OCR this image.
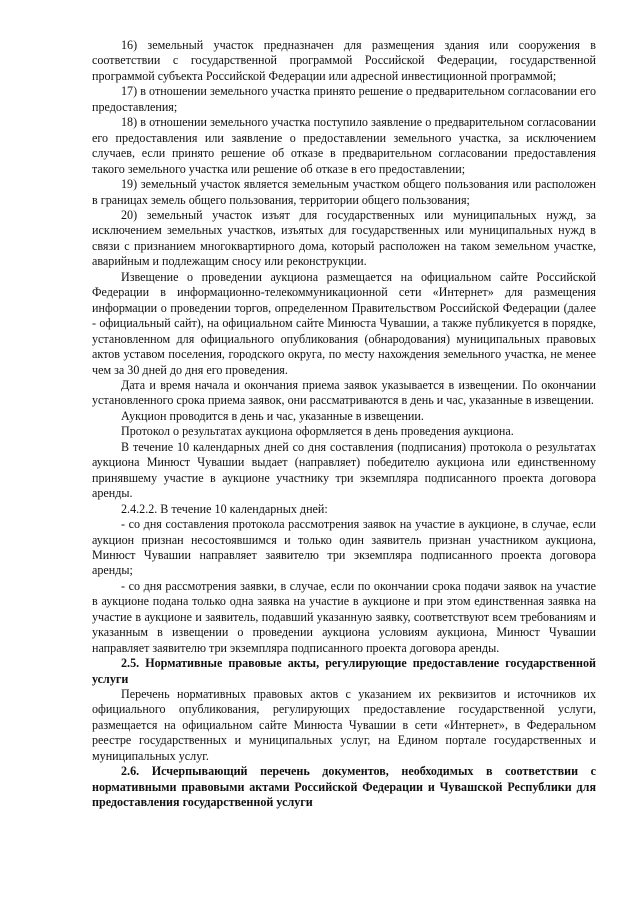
16) земельный участок предназначен для размещения здания или сооружения в соответствии с государственной программой Российской Федерации, государственной программой субъекта Российской Федерации или адресной инвестиционной программой;

17) в отношении земельного участка принято решение о предварительном согласовании его предоставления;

18) в отношении земельного участка поступило заявление о предварительном согласовании его предоставления или заявление о предоставлении земельного участка, за исключением случаев, если принято решение об отказе в предварительном согласовании предоставления такого земельного участка или решение об отказе в его предоставлении;

19) земельный участок является земельным участком общего пользования или расположен в границах земель общего пользования, территории общего пользования;

20) земельный участок изъят для государственных или муниципальных нужд, за исключением земельных участков, изъятых для государственных или муниципальных нужд в связи с признанием многоквартирного дома, который расположен на таком земельном участке, аварийным и подлежащим сносу или реконструкции.

Извещение о проведении аукциона размещается на официальном сайте Российской Федерации в информационно-телекоммуникационной сети «Интернет» для размещения информации о проведении торгов, определенном Правительством Российской Федерации (далее - официальный сайт), на официальном сайте Минюста Чувашии, а также публикуется в порядке, установленном для официального опубликования (обнародования) муниципальных правовых актов уставом поселения, городского округа, по месту нахождения земельного участка, не менее чем за 30 дней до дня его проведения.

Дата и время начала и окончания приема заявок указывается в извещении. По окончании установленного срока приема заявок, они рассматриваются в день и час, указанные в извещении.

Аукцион проводится в день и час, указанные в извещении.

Протокол о результатах аукциона оформляется в день проведения аукциона.

В течение 10 календарных дней со дня составления (подписания) протокола о результатах аукциона Минюст Чувашии выдает (направляет) победителю аукциона или единственному принявшему участие в аукционе участнику три экземпляра подписанного проекта договора аренды.

2.4.2.2. В течение 10 календарных дней:

- со дня составления протокола рассмотрения заявок на участие в аукционе, в случае, если аукцион признан несостоявшимся и только один заявитель признан участником аукциона, Минюст Чувашии направляет заявителю три экземпляра подписанного проекта договора аренды;

- со дня рассмотрения заявки, в случае, если по окончании срока подачи заявок на участие в аукционе подана только одна заявка на участие в аукционе и при этом единственная заявка на участие в аукционе и заявитель, подавший указанную заявку, соответствуют всем требованиям и указанным в извещении о проведении аукциона условиям аукциона, Минюст Чувашии направляет заявителю три экземпляра подписанного проекта договора аренды.

2.5. Нормативные правовые акты, регулирующие предоставление государственной услуги

Перечень нормативных правовых актов с указанием их реквизитов и источников их официального опубликования, регулирующих предоставление государственной услуги, размещается на официальном сайте Минюста Чувашии в сети «Интернет», в Федеральном реестре государственных и муниципальных услуг, на Едином портале государственных и муниципальных услуг.

2.6. Исчерпывающий перечень документов, необходимых в соответствии с нормативными правовыми актами Российской Федерации и Чувашской Республики для предоставления государственной услуги
